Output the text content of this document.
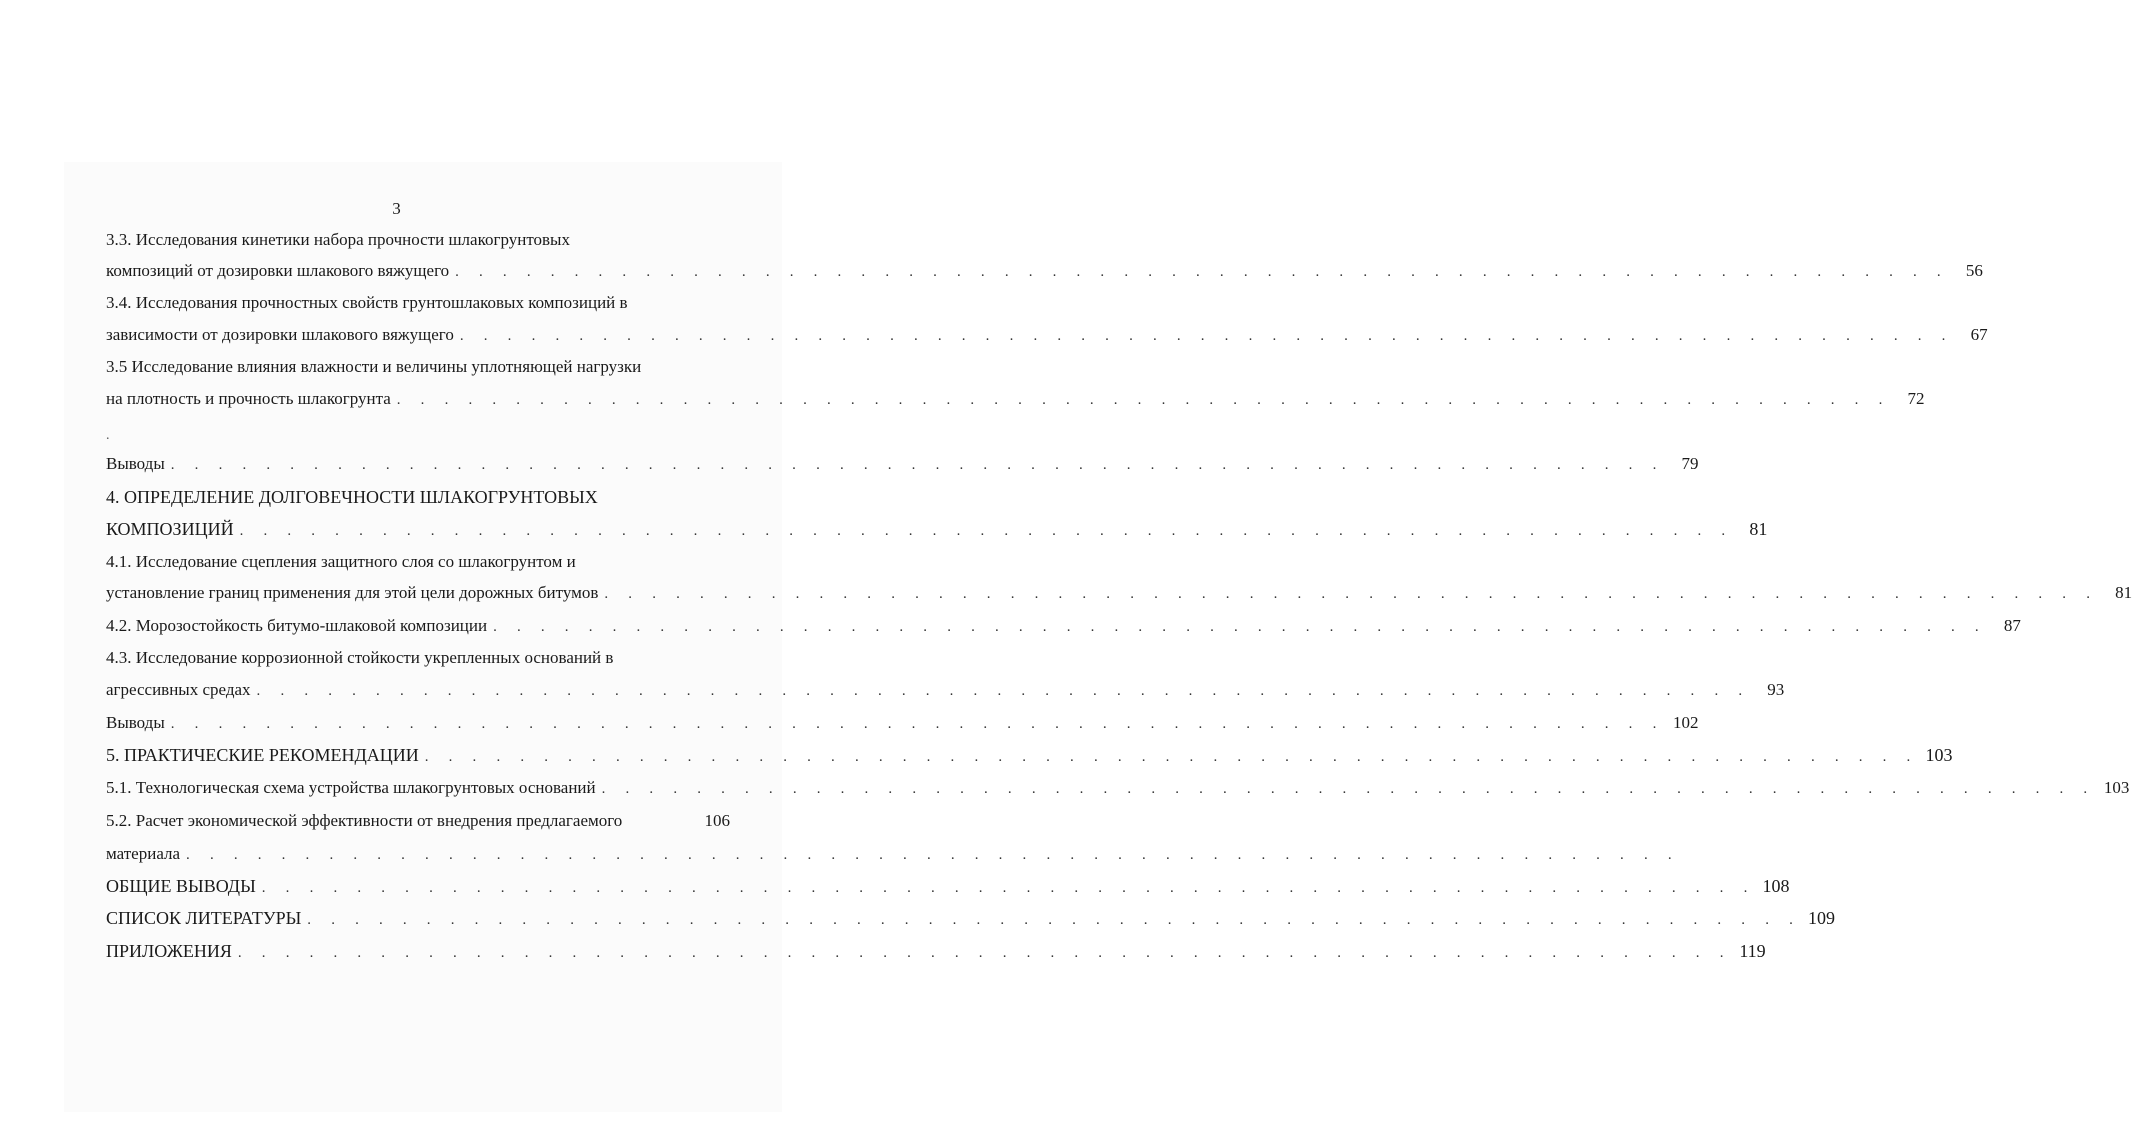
3
3.3. Исследования кинетики набора прочности шлакогрунтовых
композиций от дозировки шлакового вяжущего . . . . . . . . . . . . . . . . . . . . . . . . . . . . . . . . . . . . . . . . . . . . . . . . . . . . . . . . . . . . . . .	56
3.4. Исследования прочностных свойств грунтошлаковых композиций в
зависимости от дозировки шлакового вяжущего . . . . . . . . . . . . . . . . . . . . . . . . . . . . . . . . . . . . . . . . . . . . . . . . . . . . . . . . . . . . . . .	67
3.5 Исследование влияния влажности и величины уплотняющей нагрузки
на плотность и прочность шлакогрунта . . . . . . . . . . . . . . . . . . . . . . . . . . . . . . . . . . . . . . . . . . . . . . . . . . . . . . . . . . . . . . .	72
Выводы . . . . . . . . . . . . . . . . . . . . . . . . . . . . . . . . . . . . . . . . . . . . . . . . . . . . . . . . . . . . . . .	79
4. ОПРЕДЕЛЕНИЕ ДОЛГОВЕЧНОСТИ ШЛАКОГРУНТОВЫХ
КОМПОЗИЦИЙ . . . . . . . . . . . . . . . . . . . . . . . . . . . . . . . . . . . . . . . . . . . . . . . . . . . . . . . . . . . . . . . 81
4.1. Исследование сцепления защитного слоя со шлакогрунтом и
установление границ применения для этой цели дорожных битумов . . . . . . . . . . . . . . . . . . . . . . . . . . . . . . . . . . . . . . . . . . . . . . . . . . . . . . . . . . . . . . .	81
4.2. Морозостойкость битумо-шлаковой композиции . . . . . . . . . . . . . . . . . . . . . . . . . . . . . . . . . . . . . . . . . . . . . . . . . . . . . . . . . . . . . . .	87
4.3. Исследование коррозионной стойкости укрепленных оснований в
агрессивных средах . . . . . . . . . . . . . . . . . . . . . . . . . . . . . . . . . . . . . . . . . . . . . . . . . . . . . . . . . . . . . . .	93
Выводы . . . . . . . . . . . . . . . . . . . . . . . . . . . . . . . . . . . . . . . . . . . . . . . . . . . . . . . . . . . . . . . 102
5. ПРАКТИЧЕСКИЕ РЕКОМЕНДАЦИИ . . . . . . . . . . . . . . . . . . . . . . . . . . . . . . . . . . . . . . . . . . . . . . . . . . . . . . . . . . . . . . . 103
5.1. Технологическая схема устройства шлакогрунтовых оснований . . . . . . . . . . . . . . . . . . . . . . . . . . . . . . . . . . . . . . . . . . . . . . . . . . . . . . . . . . . . . . . 103
5.2. Расчет экономической эффективности от внедрения предлагаемого	106
материала . . . . . . . . . . . . . . . . . . . . . . . . . . . . . . . . . . . . . . . . . . . . . . . . . . . . . . . . . . . . . . .
ОБЩИЕ ВЫВОДЫ . . . . . . . . . . . . . . . . . . . . . . . . . . . . . . . . . . . . . . . . . . . . . . . . . . . . . . . . . . . . . . . 108
СПИСОК ЛИТЕРАТУРЫ . . . . . . . . . . . . . . . . . . . . . . . . . . . . . . . . . . . . . . . . . . . . . . . . . . . . . . . . . . . . . . . 109
ПРИЛОЖЕНИЯ . . . . . . . . . . . . . . . . . . . . . . . . . . . . . . . . . . . . . . . . . . . . . . . . . . . . . . . . . . . . . . . 119
.
